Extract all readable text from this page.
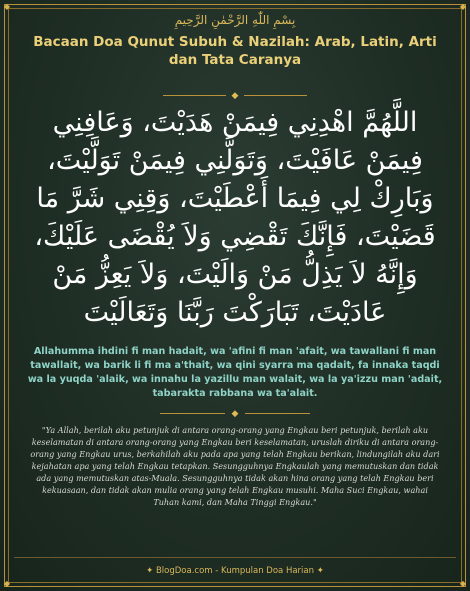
◆	◆
◆	◆
بِسْمِ اللّٰهِ الرَّحْمٰنِ الرَّحِيمِ
Bacaan Doa Qunut Subuh & Nazilah: Arab, Latin, Arti dan Tata Caranya
◆
اللَّهُمَّ اهْدِنِي فِيمَنْ هَدَيْتَ، وَعَافِنِي فِيمَنْ عَافَيْتَ، وَتَوَلَّنِي فِيمَنْ تَوَلَّيْتَ، وَبَارِكْ لِي فِيمَا أَعْطَيْتَ، وَقِنِي شَرَّ مَا قَضَيْتَ، فَإِنَّكَ تَقْضِي وَلاَ يُقْضَى عَلَيْكَ، وَإِنَّهُ لاَ يَذِلُّ مَنْ وَالَيْتَ، وَلاَ يَعِزُّ مَنْ عَادَيْتَ، تَبَارَكْتَ رَبَّنَا وَتَعَالَيْتَ
Allahumma ihdini fi man hadait, wa 'afini fi man 'afait, wa tawallani fi man tawallait, wa barik li fi ma a'thait, wa qini syarra ma qadait, fa innaka taqdi wa la yuqda 'alaik, wa innahu la yazillu man walait, wa la ya'izzu man 'adait, tabarakta rabbana wa ta'alait.
◆
"Ya Allah, berilah aku petunjuk di antara orang-orang yang Engkau beri petunjuk, berilah aku keselamatan di antara orang-orang yang Engkau beri keselamatan, uruslah diriku di antara orang-orang yang Engkau urus, berkahilah aku pada apa yang telah Engkau berikan, lindungilah aku dari kejahatan apa yang telah Engkau tetapkan. Sesungguhnya Engkaulah yang memutuskan dan tidak ada yang memutuskan atas-Muala. Sesungguhnya tidak akan hina orang yang telah Engkau beri kekuasaan, dan tidak akan mulia orang yang telah Engkau musuhi. Maha Suci Engkau, wahai Tuhan kami, dan Maha Tinggi Engkau."
✦ BlogDoa.com - Kumpulan Doa Harian ✦
